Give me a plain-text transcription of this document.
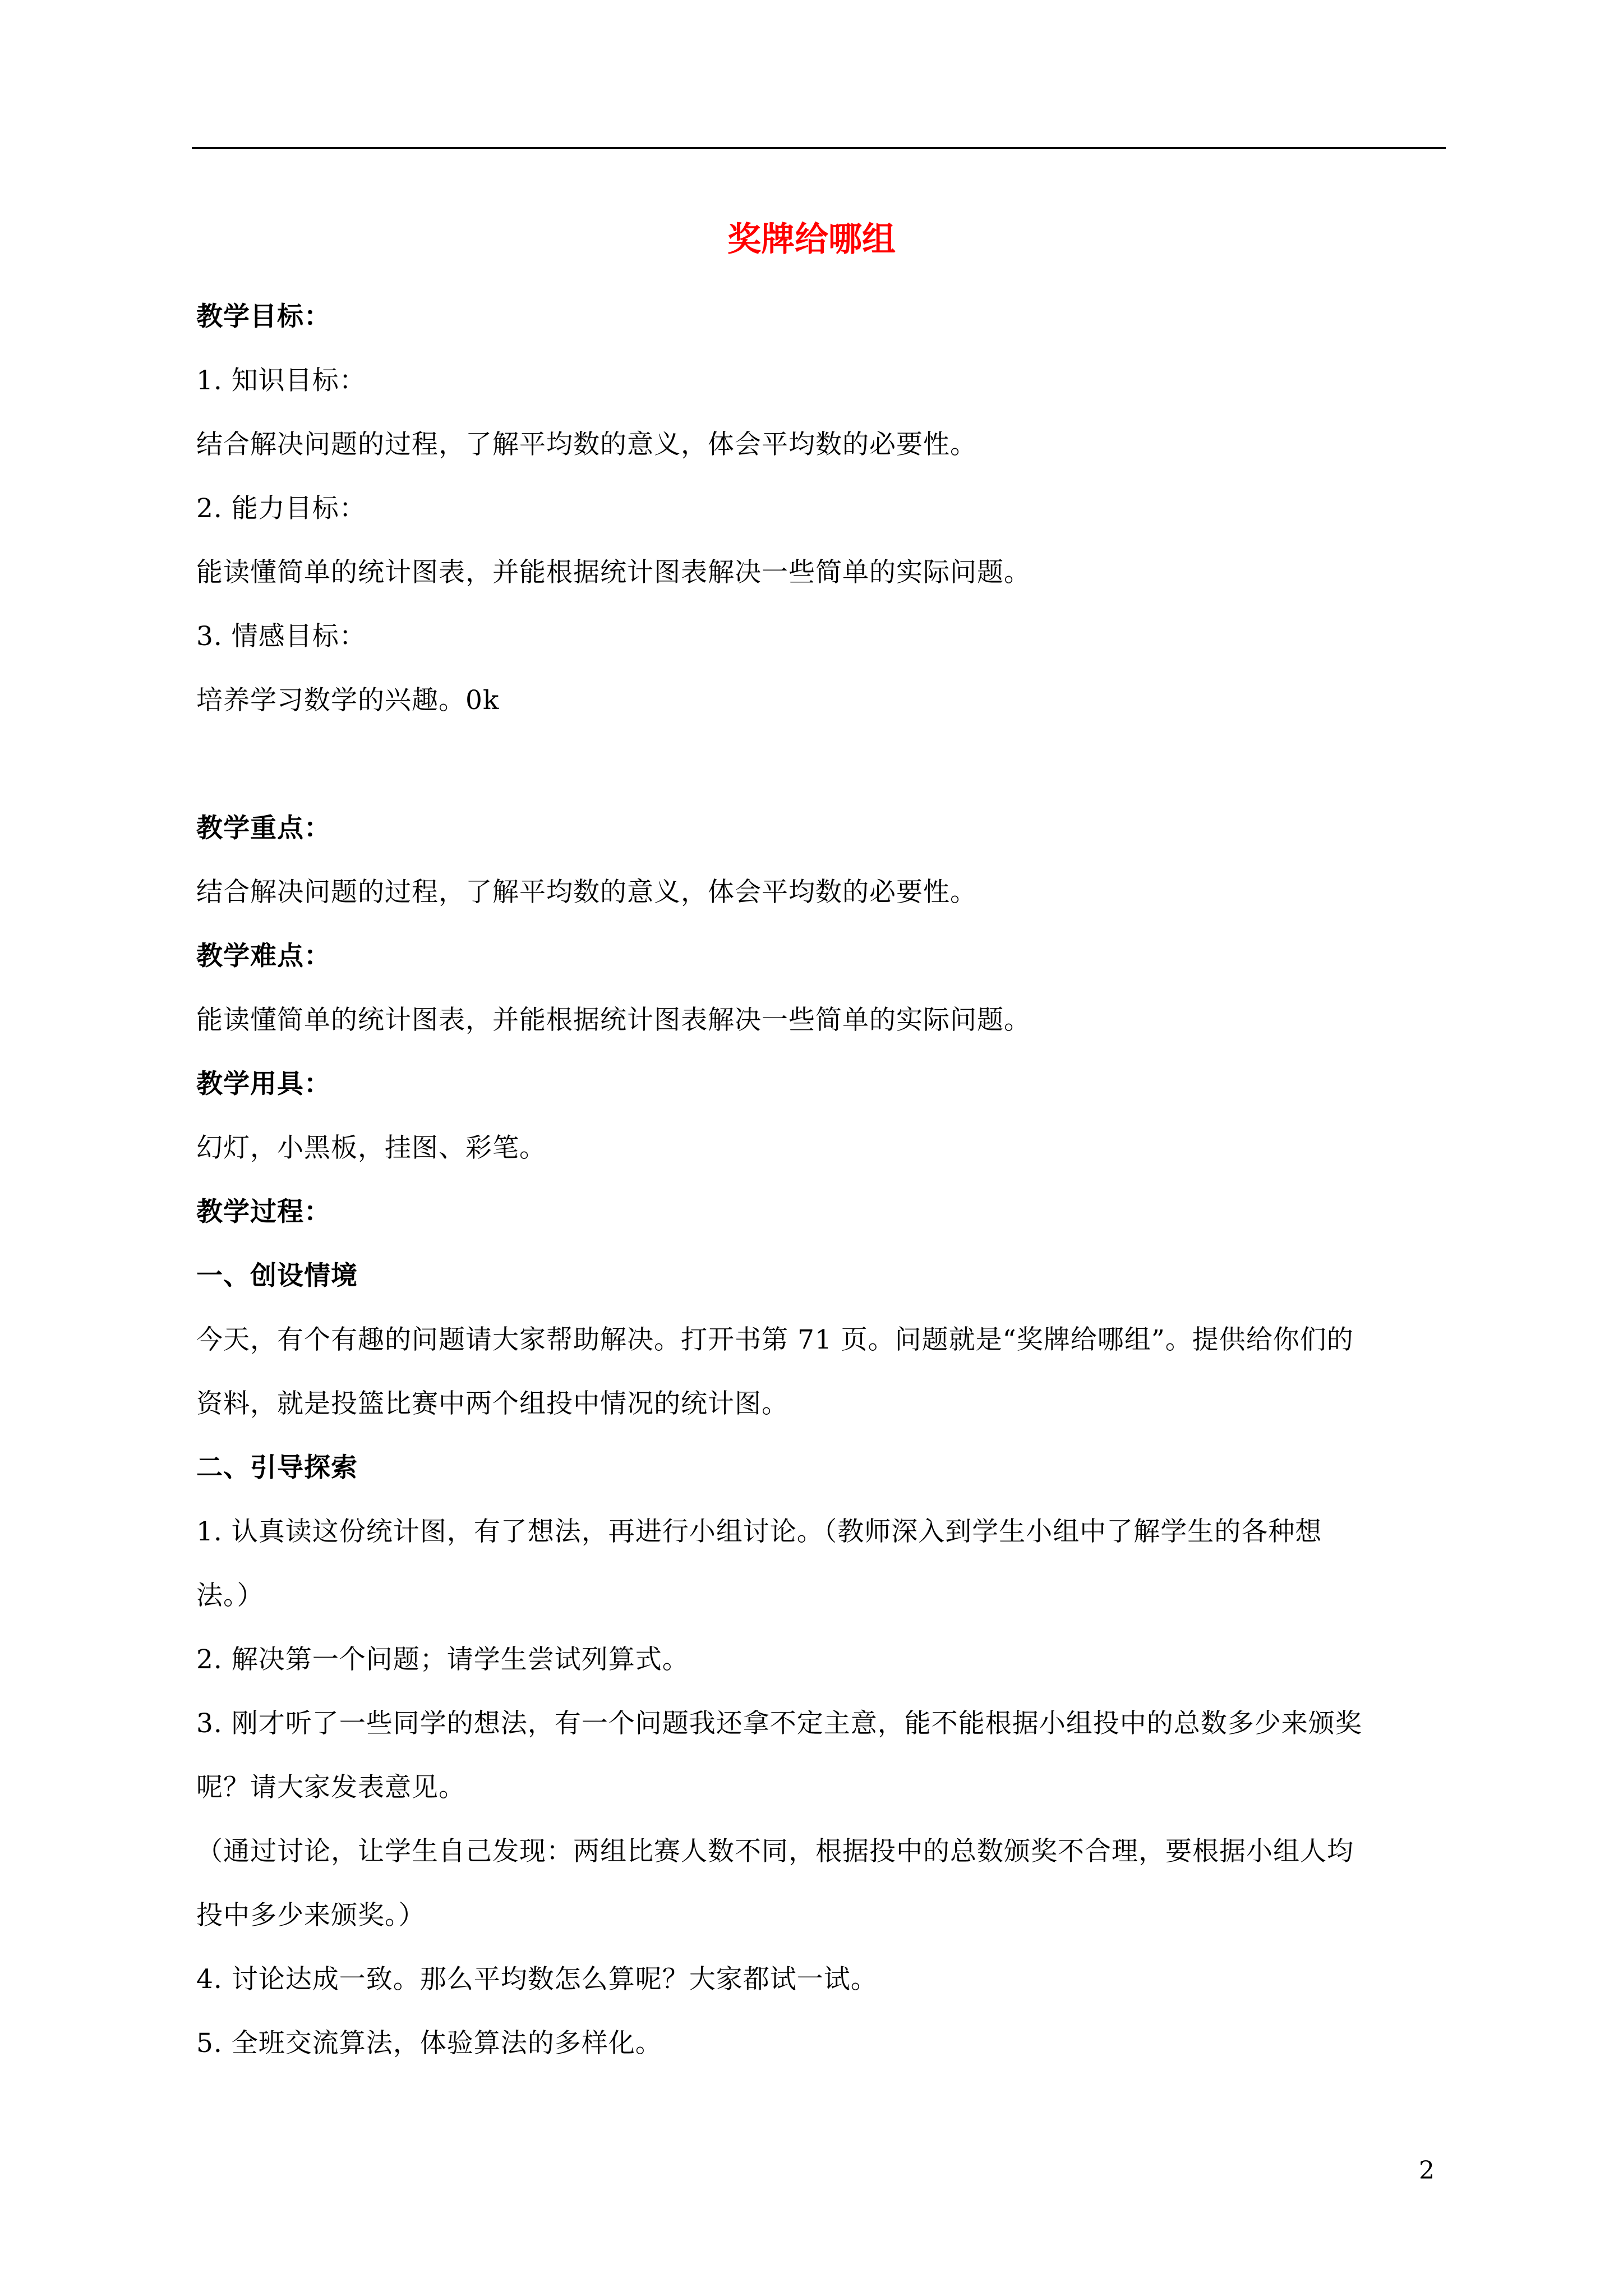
奖牌给哪组
教学目标：
1. 知识目标：
结合解决问题的过程，了解平均数的意义，体会平均数的必要性。
2. 能力目标：
能读懂简单的统计图表，并能根据统计图表解决一些简单的实际问题。
3. 情感目标：
培养学习数学的兴趣。0k
教学重点：
结合解决问题的过程，了解平均数的意义，体会平均数的必要性。
教学难点：
能读懂简单的统计图表，并能根据统计图表解决一些简单的实际问题。
教学用具：
幻灯，小黑板，挂图、彩笔。
教学过程：
一、创设情境
今天，有个有趣的问题请大家帮助解决。打开书第 71 页。问题就是“奖牌给哪组”。提供给你们的
资料，就是投篮比赛中两个组投中情况的统计图。
二、引导探索
1. 认真读这份统计图，有了想法，再进行小组讨论。（教师深入到学生小组中了解学生的各种想
法。）
2. 解决第一个问题；请学生尝试列算式。
3. 刚才听了一些同学的想法，有一个问题我还拿不定主意，能不能根据小组投中的总数多少来颁奖
呢？请大家发表意见。
（通过讨论，让学生自己发现：两组比赛人数不同，根据投中的总数颁奖不合理，要根据小组人均
投中多少来颁奖。）
4. 讨论达成一致。那么平均数怎么算呢？大家都试一试。
5. 全班交流算法，体验算法的多样化。
2
